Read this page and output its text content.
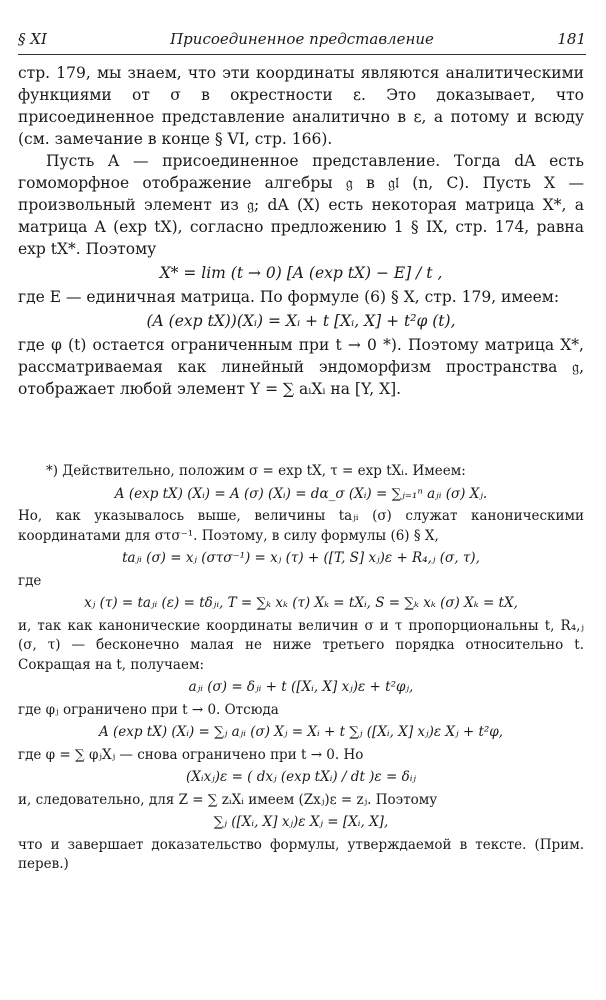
§ XI	Присоединенное представление	181

стр. 179, мы знаем, что эти координаты являются аналитическими функциями от σ в окрестности ε. Это доказывает, что присоединенное представление аналитично в ε, а потому и всюду (см. замечание в конце § VI, стр. 166).

Пусть A — присоединенное представление. Тогда dA есть гомоморфное отображение алгебры 𝔤 в 𝔤𝔩 (n, C). Пусть X — произвольный элемент из 𝔤; dA (X) есть некоторая матрица X*, а матрица A (exp tX), согласно предложению 1 § IX, стр. 174, равна exp tX*. Поэтому

X* = lim (t → 0) [A (exp tX) − E] / t ,

где E — единичная матрица. По формуле (6) § X, стр. 179, имеем:

(A (exp tX))(Xᵢ) = Xᵢ + t [Xᵢ, X] + t²φ (t),

где φ (t) остается ограниченным при t → 0 *). Поэтому матрица X*, рассматриваемая как линейный эндоморфизм пространства 𝔤, отображает любой элемент Y = ∑ aᵢXᵢ на [Y, X].

*) Действительно, положим σ = exp tX, τ = exp tXᵢ. Имеем:

A (exp tX) (Xᵢ) = A (σ) (Xᵢ) = dα_σ (Xᵢ) = ∑ⱼ₌₁ⁿ aⱼᵢ (σ) Xⱼ.

Но, как указывалось выше, величины taⱼᵢ (σ) служат каноническими координатами для στσ⁻¹. Поэтому, в силу формулы (6) § X,

taⱼᵢ (σ) = xⱼ (στσ⁻¹) = xⱼ (τ) + ([T, S] xⱼ)ε + R₄,ⱼ (σ, τ),

где

xⱼ (τ) = taⱼᵢ (ε) = tδⱼᵢ, T = ∑ₖ xₖ (τ) Xₖ = tXᵢ, S = ∑ₖ xₖ (σ) Xₖ = tX,

и, так как канонические координаты величин σ и τ пропорциональны t, R₄,ⱼ (σ, τ) — бесконечно малая не ниже третьего порядка относительно t. Сокращая на t, получаем:

aⱼᵢ (σ) = δⱼᵢ + t ([Xᵢ, X] xⱼ)ε + t²φⱼ,

где φⱼ ограничено при t → 0. Отсюда

A (exp tX) (Xᵢ) = ∑ⱼ aⱼᵢ (σ) Xⱼ = Xᵢ + t ∑ⱼ ([Xᵢ, X] xⱼ)ε Xⱼ + t²φ,

где φ = ∑ φⱼXⱼ — снова ограничено при t → 0. Но

(Xᵢxⱼ)ε = ( dxⱼ (exp tXᵢ) / dt )ε = δᵢⱼ

и, следовательно, для Z = ∑ zᵢXᵢ имеем (Zxⱼ)ε = zⱼ. Поэтому

∑ⱼ ([Xᵢ, X] xⱼ)ε Xⱼ = [Xᵢ, X],

что и завершает доказательство формулы, утверждаемой в тексте. (Прим. перев.)
